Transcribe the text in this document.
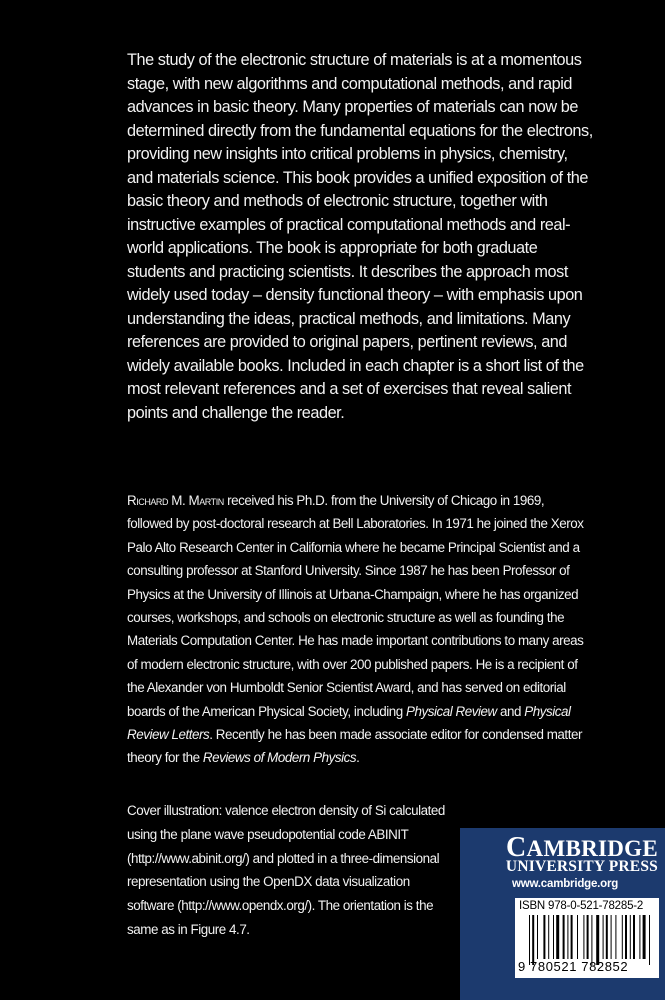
The study of the electronic structure of materials is at a momentous
stage, with new algorithms and computational methods, and rapid
advances in basic theory. Many properties of materials can now be
determined directly from the fundamental equations for the electrons,
providing new insights into critical problems in physics, chemistry,
and materials science. This book provides a unified exposition of the
basic theory and methods of electronic structure, together with
instructive examples of practical computational methods and real-
world applications. The book is appropriate for both graduate
students and practicing scientists. It describes the approach most
widely used today – density functional theory – with emphasis upon
understanding the ideas, practical methods, and limitations. Many
references are provided to original papers, pertinent reviews, and
widely available books. Included in each chapter is a short list of the
most relevant references and a set of exercises that reveal salient
points and challenge the reader.
Richard M. Martin received his Ph.D. from the University of Chicago in 1969,
followed by post-doctoral research at Bell Laboratories. In 1971 he joined the Xerox
Palo Alto Research Center in California where he became Principal Scientist and a
consulting professor at Stanford University. Since 1987 he has been Professor of
Physics at the University of Illinois at Urbana-Champaign, where he has organized
courses, workshops, and schools on electronic structure as well as founding the
Materials Computation Center. He has made important contributions to many areas
of modern electronic structure, with over 200 published papers. He is a recipient of
the Alexander von Humboldt Senior Scientist Award, and has served on editorial
boards of the American Physical Society, including Physical Review and Physical
Review Letters. Recently he has been made associate editor for condensed matter
theory for the Reviews of Modern Physics.
Cover illustration: valence electron density of Si calculated
using the plane wave pseudopotential code ABINIT
(http://www.abinit.org/) and plotted in a three-dimensional
representation using the OpenDX data visualization
software (http://www.opendx.org/). The orientation is the
same as in Figure 4.7.
CAMBRIDGE
UNIVERSITY PRESS
www.cambridge.org
ISBN 978-0-521-78285-2
9 780521 782852
